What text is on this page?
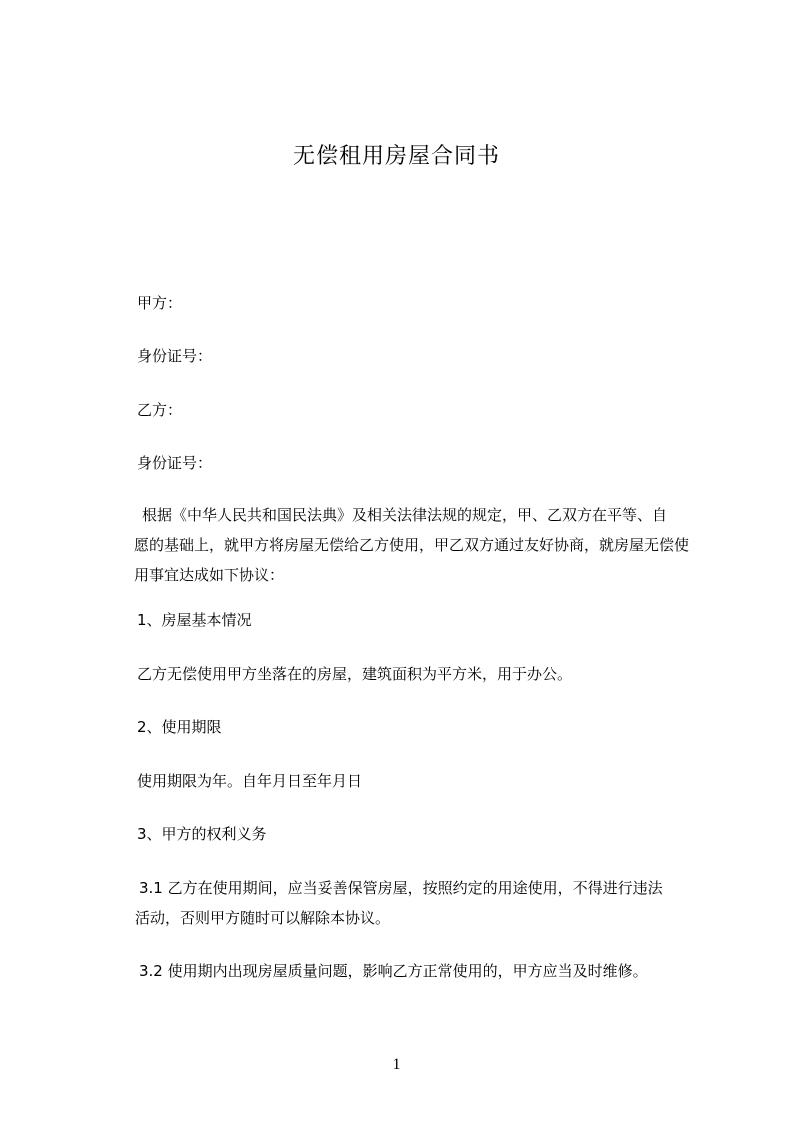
无偿租用房屋合同书
甲方：
身份证号：
乙方：
身份证号：
根据《中华人民共和国民法典》及相关法律法规的规定，甲、乙双方在平等、自
愿的基础上，就甲方将房屋无偿给乙方使用，甲乙双方通过友好协商，就房屋无偿使
用事宜达成如下协议：
1、房屋基本情况
乙方无偿使用甲方坐落在的房屋，建筑面积为平方米，用于办公。
2、使用期限
使用期限为年。自年月日至年月日
3、甲方的权利义务
3.1 乙方在使用期间，应当妥善保管房屋，按照约定的用途使用，不得进行违法
活动，否则甲方随时可以解除本协议。
3.2 使用期内出现房屋质量问题，影响乙方正常使用的，甲方应当及时维修。
1
